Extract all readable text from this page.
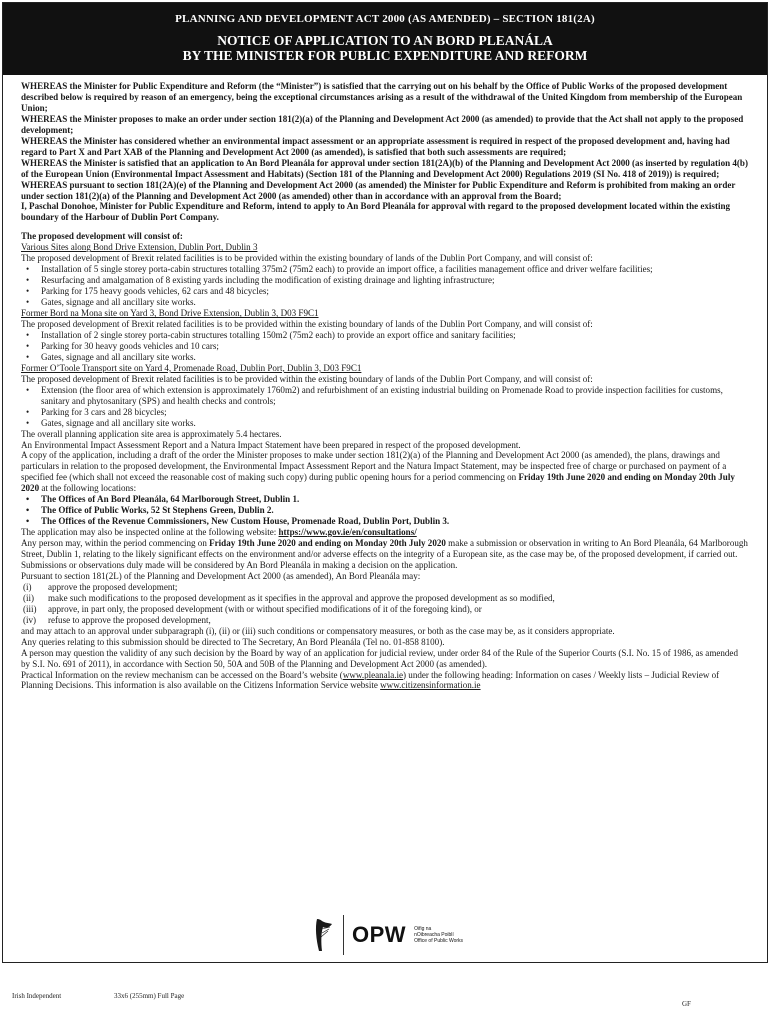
PLANNING AND DEVELOPMENT ACT 2000 (AS AMENDED) – SECTION 181(2A)
NOTICE OF APPLICATION TO AN BORD PLEANÁLA
BY THE MINISTER FOR PUBLIC EXPENDITURE AND REFORM

WHEREAS the Minister for Public Expenditure and Reform (the “Minister”) is satisfied that the carrying out on his behalf by the Office of Public Works of the proposed development described below is required by reason of an emergency, being the exceptional circumstances arising as a result of the withdrawal of the United Kingdom from membership of the European Union;

WHEREAS the Minister proposes to make an order under section 181(2)(a) of the Planning and Development Act 2000 (as amended) to provide that the Act shall not apply to the proposed development;

WHEREAS the Minister has considered whether an environmental impact assessment or an appropriate assessment is required in respect of the proposed development and, having had regard to Part X and Part XAB of the Planning and Development Act 2000 (as amended), is satisfied that both such assessments are required;

WHEREAS the Minister is satisfied that an application to An Bord Pleanála for approval under section 181(2A)(b) of the Planning and Development Act 2000 (as inserted by regulation 4(b) of the European Union (Environmental Impact Assessment and Habitats) (Section 181 of the Planning and Development Act 2000) Regulations 2019 (SI No. 418 of 2019)) is required;

WHEREAS pursuant to section 181(2A)(e) of the Planning and Development Act 2000 (as amended) the Minister for Public Expenditure and Reform is prohibited from making an order under section 181(2)(a) of the Planning and Development Act 2000 (as amended) other than in accordance with an approval from the Board;

I, Paschal Donohoe, Minister for Public Expenditure and Reform, intend to apply to An Bord Pleanála for approval with regard to the proposed development located within the existing boundary of the Harbour of Dublin Port Company.

The proposed development will consist of:

Various Sites along Bond Drive Extension, Dublin Port, Dublin 3

The proposed development of Brexit related facilities is to be provided within the existing boundary of lands of the Dublin Port Company, and will consist of:

• Installation of 5 single storey porta-cabin structures totalling 375m2 (75m2 each) to provide an import office, a facilities management office and driver welfare facilities;
• Resurfacing and amalgamation of 8 existing yards including the modification of existing drainage and lighting infrastructure;
• Parking for 175 heavy goods vehicles, 62 cars and 48 bicycles;
• Gates, signage and all ancillary site works.

Former Bord na Mona site on Yard 3, Bond Drive Extension, Dublin 3, D03 F9C1

The proposed development of Brexit related facilities is to be provided within the existing boundary of lands of the Dublin Port Company, and will consist of:

• Installation of 2 single storey porta-cabin structures totalling 150m2 (75m2 each) to provide an export office and sanitary facilities;
• Parking for 30 heavy goods vehicles and 10 cars;
• Gates, signage and all ancillary site works.

Former O’Toole Transport site on Yard 4, Promenade Road, Dublin Port, Dublin 3, D03 F9C1

The proposed development of Brexit related facilities is to be provided within the existing boundary of lands of the Dublin Port Company, and will consist of:

• Extension (the floor area of which extension is approximately 1760m2) and refurbishment of an existing industrial building on Promenade Road to provide inspection facilities for customs, sanitary and phytosanitary (SPS) and health checks and controls;
• Parking for 3 cars and 28 bicycles;
• Gates, signage and all ancillary site works.

The overall planning application site area is approximately 5.4 hectares.

An Environmental Impact Assessment Report and a Natura Impact Statement have been prepared in respect of the proposed development.

A copy of the application, including a draft of the order the Minister proposes to make under section 181(2)(a) of the Planning and Development Act 2000 (as amended), the plans, drawings and particulars in relation to the proposed development, the Environmental Impact Assessment Report and the Natura Impact Statement, may be inspected free of charge or purchased on payment of a specified fee (which shall not exceed the reasonable cost of making such copy) during public opening hours for a period commencing on Friday 19th June 2020 and ending on Monday 20th July 2020 at the following locations:

• The Offices of An Bord Pleanála, 64 Marlborough Street, Dublin 1.
• The Office of Public Works, 52 St Stephens Green, Dublin 2.
• The Offices of the Revenue Commissioners, New Custom House, Promenade Road, Dublin Port, Dublin 3.

The application may also be inspected online at the following website: https://www.gov.ie/en/consultations/

Any person may, within the period commencing on Friday 19th June 2020 and ending on Monday 20th July 2020 make a submission or observation in writing to An Bord Pleanála, 64 Marlborough Street, Dublin 1, relating to the likely significant effects on the environment and/or adverse effects on the integrity of a European site, as the case may be, of the proposed development, if carried out. Submissions or observations duly made will be considered by An Bord Pleanála in making a decision on the application.

Pursuant to section 181(2L) of the Planning and Development Act 2000 (as amended), An Bord Pleanála may:

(i)	approve the proposed development;
(ii)	make such modifications to the proposed development as it specifies in the approval and approve the proposed development as so modified,
(iii)	approve, in part only, the proposed development (with or without specified modifications of it of the foregoing kind), or
(iv)	refuse to approve the proposed development,

and may attach to an approval under subparagraph (i), (ii) or (iii) such conditions or compensatory measures, or both as the case may be, as it considers appropriate.

Any queries relating to this submission should be directed to The Secretary, An Bord Pleanála (Tel no. 01-858 8100).

A person may question the validity of any such decision by the Board by way of an application for judicial review, under order 84 of the Rule of the Superior Courts (S.I. No. 15 of 1986, as amended by S.I. No. 691 of 2011), in accordance with Section 50, 50A and 50B of the Planning and Development Act 2000 (as amended).

Practical Information on the review mechanism can be accessed on the Board’s website (www.pleanala.ie) under the following heading: Information on cases / Weekly lists – Judicial Review of Planning Decisions. This information is also available on the Citizens Information Service website www.citizensinformation.ie

OPW Oifig na
nOibreacha Poiblí
Office of Public Works
Irish Independent	33x6 (255mm) Full Page
GF
